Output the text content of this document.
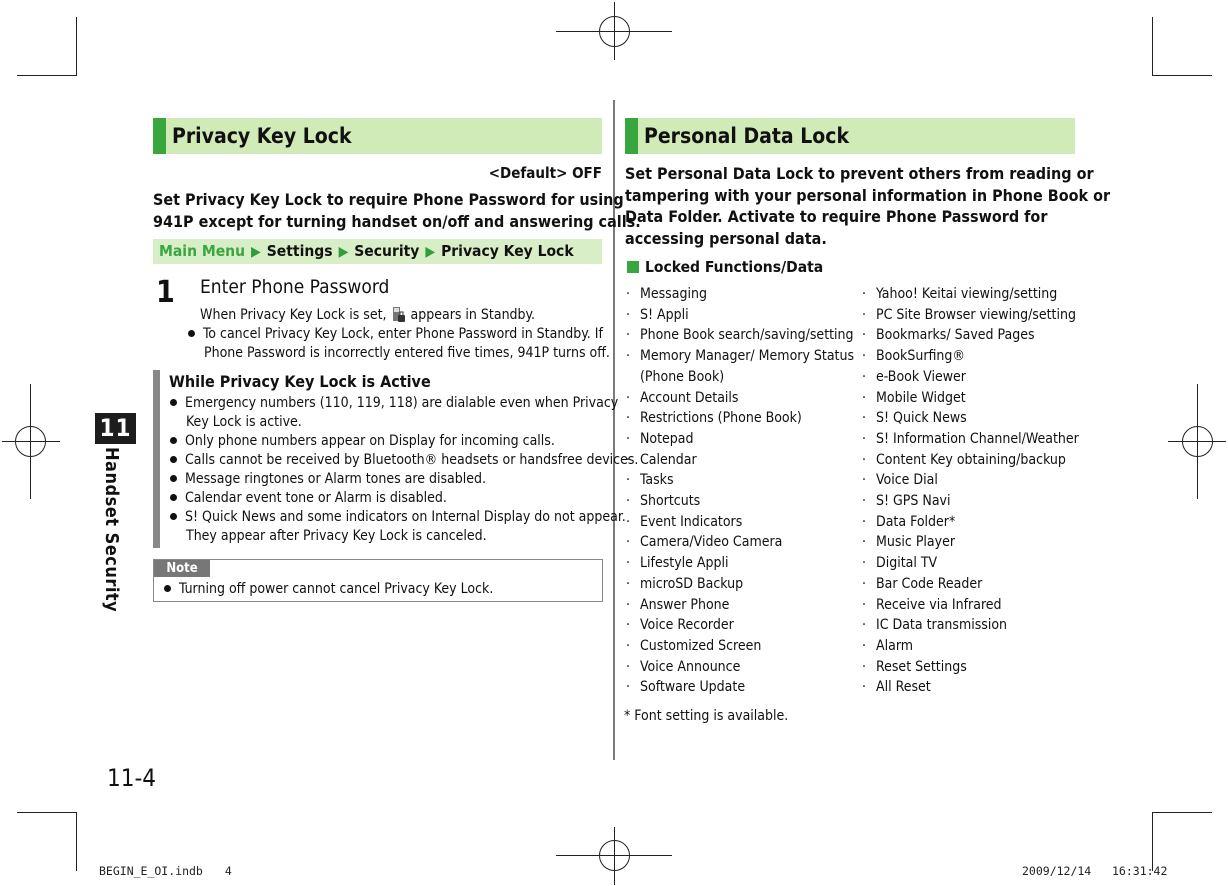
11
Handset Security
11-4
Privacy Key Lock
<Default> OFF
Set Privacy Key Lock to require Phone Password for using
941P except for turning handset on/off and answering calls.
Main Menu ▶ Settings ▶ Security ▶ Privacy Key Lock
1 Enter Phone Password
When Privacy Key Lock is set, appears in Standby.
To cancel Privacy Key Lock, enter Phone Password in Standby. If
Phone Password is incorrectly entered five times, 941P turns off.
While Privacy Key Lock is Active
Emergency numbers (110, 119, 118) are dialable even when Privacy
Key Lock is active.
Only phone numbers appear on Display for incoming calls.
Calls cannot be received by Bluetooth® headsets or handsfree devices.
Message ringtones or Alarm tones are disabled.
Calendar event tone or Alarm is disabled.
S! Quick News and some indicators on Internal Display do not appear.
They appear after Privacy Key Lock is canceled.
Note
Turning off power cannot cancel Privacy Key Lock.
Personal Data Lock
Set Personal Data Lock to prevent others from reading or
tampering with your personal information in Phone Book or
Data Folder. Activate to require Phone Password for
accessing personal data.
Locked Functions/Data
· Messaging
· S! Appli
· Phone Book search/saving/setting
· Memory Manager/ Memory Status
(Phone Book)
· Account Details
· Restrictions (Phone Book)
· Notepad
· Calendar
· Tasks
· Shortcuts
· Event Indicators
· Camera/Video Camera
· Lifestyle Appli
· microSD Backup
· Answer Phone
· Voice Recorder
· Customized Screen
· Voice Announce
· Software Update
· Yahoo! Keitai viewing/setting
· PC Site Browser viewing/setting
· Bookmarks/ Saved Pages
· BookSurfing®
· e-Book Viewer
· Mobile Widget
· S! Quick News
· S! Information Channel/Weather
· Content Key obtaining/backup
· Voice Dial
· S! GPS Navi
· Data Folder*
· Music Player
· Digital TV
· Bar Code Reader
· Receive via Infrared
· IC Data transmission
· Alarm
· Reset Settings
· All Reset
* Font setting is available.
BEGIN_E_OI.indb 4	2009/12/14   16:31:42
